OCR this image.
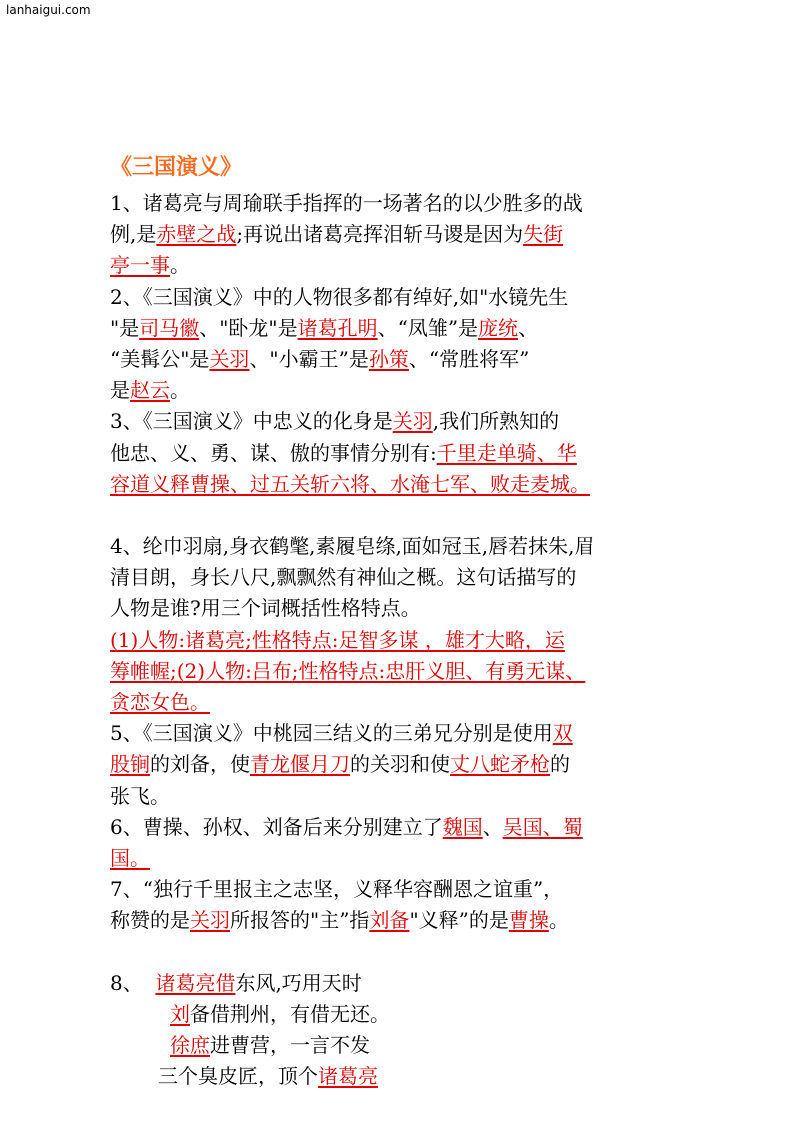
lanhaigui.com
《三国演义》

1、诸葛亮与周瑜联手指挥的一场著名的以少胜多的战

例,是赤壁之战;再说出诸葛亮挥泪斩马谡是因为失街

亭一事。

2、《三国演义》中的人物很多都有绰好,如"水镜先生

"是司马徽、"卧龙"是诸葛孔明、“凤雏”是庞统、

“美髯公"是关羽、"小霸王”是孙策、“常胜将军”

是赵云。

3、《三国演义》中忠义的化身是关羽,我们所熟知的

他忠、义、勇、谋、傲的事情分别有:千里走单骑、华

容道义释曹操、过五关斩六将、水淹七军、败走麦城。

4、纶巾羽扇,身衣鹤氅,素履皂绦,面如冠玉,唇若抹朱,眉

清目朗，身长八尺,飘飘然有神仙之概。这句话描写的

人物是谁?用三个词概括性格特点。

(1)人物:诸葛亮;性格特点:足智多谋 ，雄才大略，运

筹帷幄;(2)人物:吕布;性格特点:忠肝义胆、有勇无谋、

贪恋女色。

5、《三国演义》中桃园三结义的三弟兄分别是使用双

股锏的刘备，使青龙偃月刀的关羽和使丈八蛇矛枪的

张飞。

6、曹操、孙权、刘备后来分别建立了魏国、吴国、蜀

国。

7、“独行千里报主之志坚，义释华容酬恩之谊重”，

称赞的是关羽所报答的"主”指刘备"义释”的是曹操。

8、 诸葛亮借东风,巧用天时

刘备借荆州，有借无还。

徐庶进曹营，一言不发

三个臭皮匠，顶个诸葛亮
